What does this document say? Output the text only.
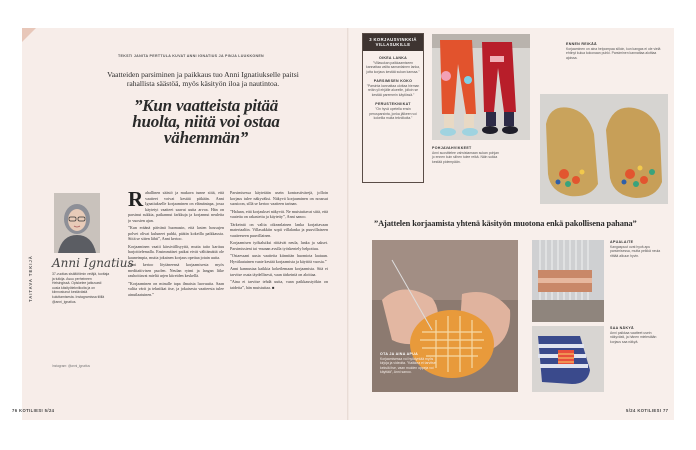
TEKSTI JANITA PERTTULA KUVAT ANNI IGNATIUS JA PINJA LUUKKONEN
Vaatteiden parsiminen ja paikkaus tuo Anni Ignatiukselle paitsi rahallista säästöä, myös käsityön iloa ja nautintoa.
”Kun vaatteista pitää huolta, niitä voi ostaa vähemmän”
TAITAVA TEKIJÄ Anni Ignatius
37-vuotias sisältötiimin vetäjä, tuottaja ja tutkija. Asuu perheineen Helsingissä. Opiskelee jatkuvasti uusia käsityötekniikoita ja on kiinnostunut kestävästä kuluttamisesta. Instagramissa tilillä @anni_ignatius.
Instagram: @anni_ignatius
R ahallinen säästö ja mukava tunne siitä, että vaatteet voivat kestää pitkään. Anni Ignatiukselle korjaaminen on elämäntapa, jossa käytetyt vaatteet saavat uutta arvoa. Hän on parsinut sukkia, paikannut farkkuja ja korjannut neuleita jo vuosien ajan.

”Kun eräänä päivänä huomasin, että lasten housujen polvet olivat kuluneet puhki, päätin kokeilla paikkausta. Siitä se sitten lähti”, Anni kertoo.

Korjaaminen vaatii kärsivällisyyttä, mutta taito karttuu harjoittelemalla. Ensimmäiset paikat eivät välttämättä ole kauneimpia, mutta jokainen korjaus opettaa jotain uutta.

Anni kertoo löytäneensä korjaamisesta myös meditatiivisen puolen. Neulan rytmi ja langan liike rauhoittavat mieltä arjen kiireiden keskellä.

”Korjaaminen on minulle tapa ilmaista luovuutta. Saan valita värit ja tekniikat itse, ja jokaisesta vaatteesta tulee ainutlaatuinen.”

Parsimisessa käytetään usein kontrastivärejä, jolloin korjaus tulee näkyväksi. Näkyvä korjaaminen on noussut suosioon, sillä se kertoo vaatteen tarinan.

”Haluan, että korjaukset näkyvät. Ne muistuttavat siitä, että vaatetta on rakastettu ja käytetty”, Anni sanoo.

Tärkeintä on valita oikeanlainen lanka korjattavaan materiaaliin. Villasukkiin sopii villalanka ja puuvillaiseen vaatteeseen puuvillainen.

Korjaamisen työkaluiksi riittävät neula, lanka ja sakset. Parsimissieni tai -munan avulla työskentely helpottuu.

”Ostaessani uusia vaatteita kiinnitän huomiota laatuun. Hyvälaatuinen vaate kestää korjaamista ja käyttöä vuosia.”

Anni kannustaa kaikkia kokeilemaan korjaamista. Sitä ei tarvitse osata täydellisesti, vaan tärkeintä on aloittaa.

”Aina ei tarvitse tehdä uutta, vaan paikkaustyökin on taidetta”, hän muistuttaa. ■

3 KORJAUSVINKKIÄ VILLASUKILLE
OIKEA LANKA
”Villasukan paikkaamiseen kannattaa valita samanlainen lanka, jotta korjaus kestää sukan kanssa.”
PARSIMISEN KOKO
”Parsinta kannattaa ulottaa hieman reiän yli ehjälle alueelle, jolloin se kestää paremmin käytössä.”
PERUSTEKNIIKAT
”On hyvä opetella ensin perusparsinta, jonka jälkeen voi kokeilla muita tekniikoita.”
ENNEN REIKÄÄ
Korjaaminen on aina helpompaa silloin, kun kangas ei ole vielä ehtinyt kulua kokonaan puhki. Parsiminen kannattaa aloittaa ajoissa.
POHJAVAHVIKKEET
Anni suosittelee vahvistamaan sukan pohjan jo ennen kuin siihen tulee reikä. Näin sukka kestää pidempään.
”Ajattelen korjaamista yhtenä käsityön muotona enkä pakollisena pahana”
OTA JA AINA APUA
Korjaamisessa voi hyödyntää myös kirjoja ja videoita. ”Kaikkea ei tarvitse keksiä itse, vaan muiden oppeja voi käyttää”, Anni sanoo.
APUALAITE
Kangaspuut ovat hyvä apu parsimisessa, mutta pelkkä neula riittää alkuun hyvin.
SAA NÄKYÄ
Anni paikkaa vaatteet usein näkyvästi, ja hänen mielestään korjaus saa näkyä.
5/24 KOTILIESI 77
76 KOTILIESI 5/24
